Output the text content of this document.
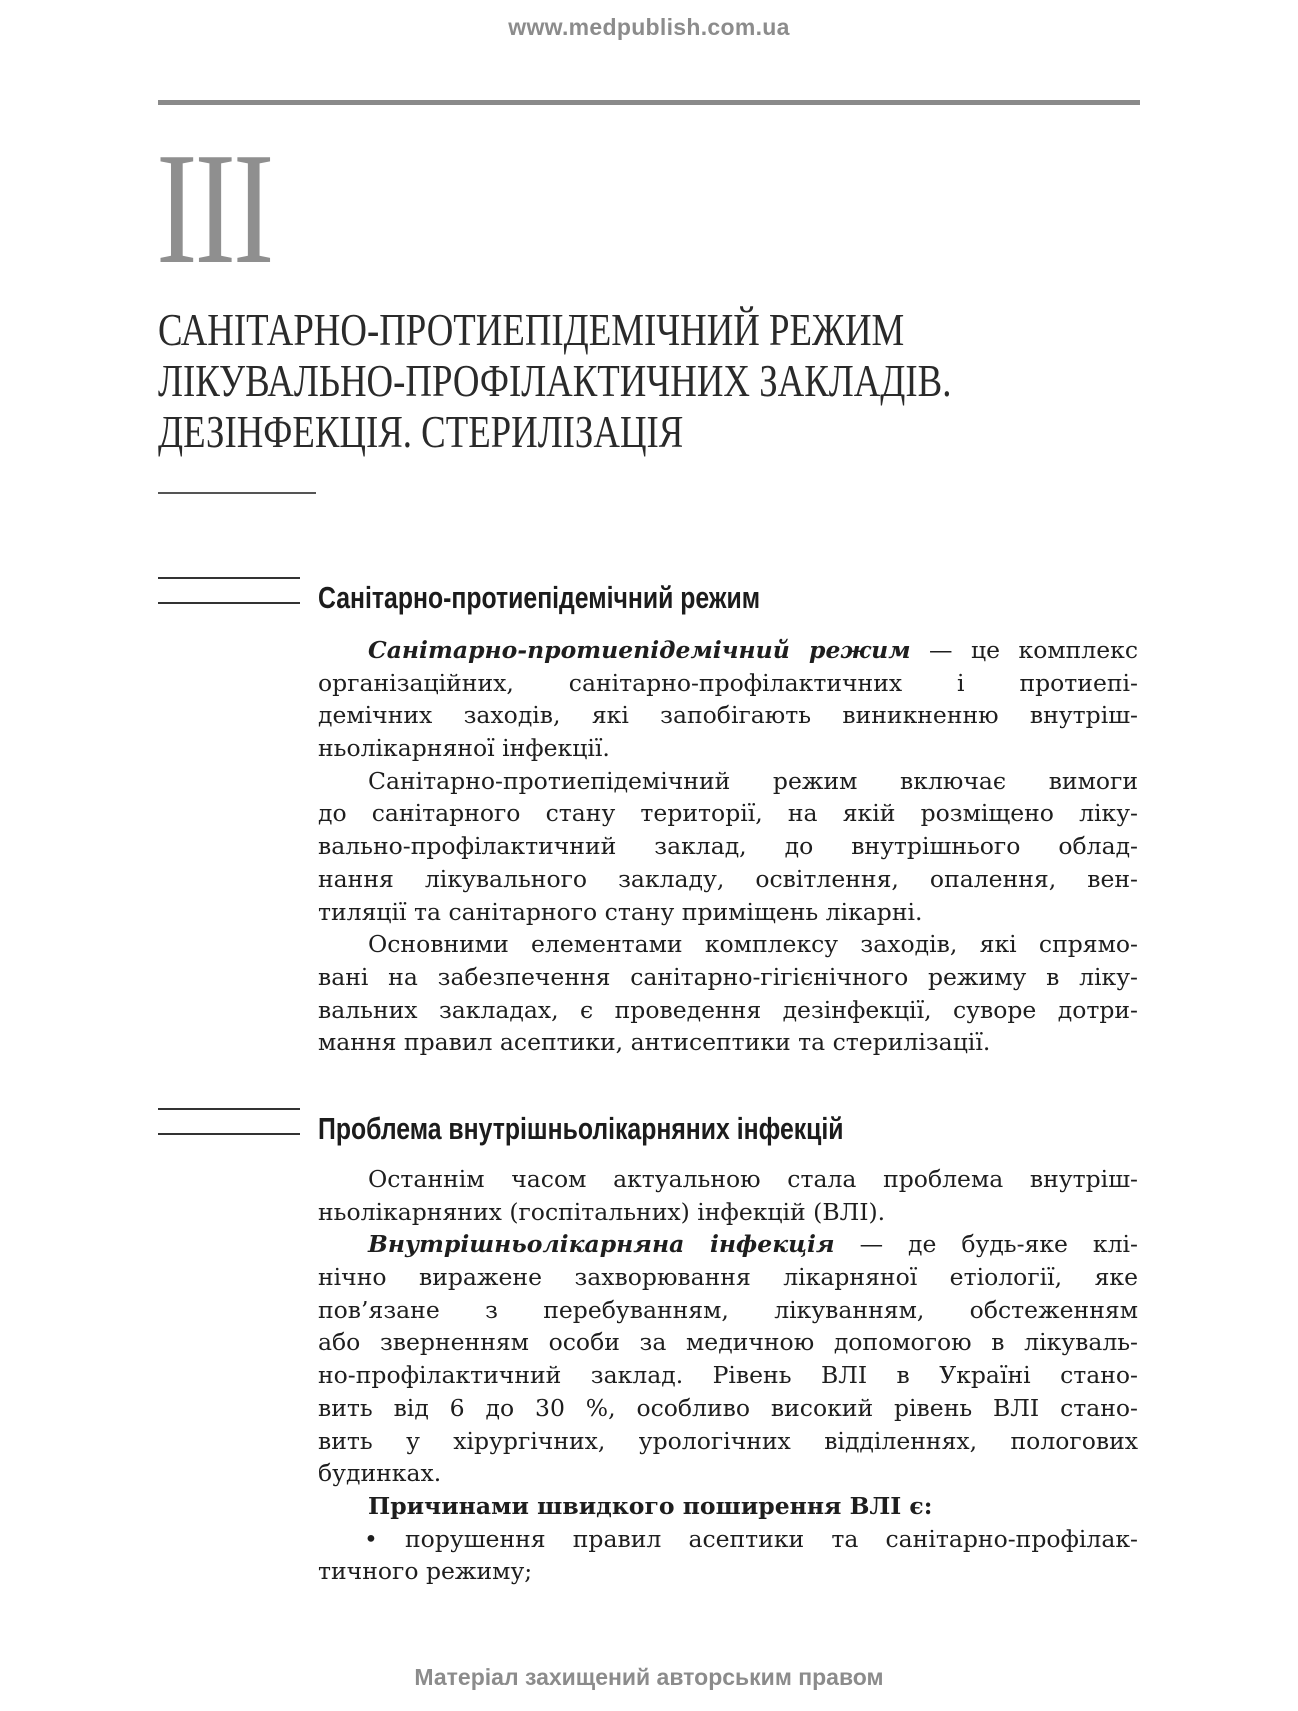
www.medpublish.com.ua
III
САНІТАРНО-ПРОТИЕПІДЕМІЧНИЙ РЕЖИМ
ЛІКУВАЛЬНО-ПРОФІЛАКТИЧНИХ ЗАКЛАДІВ.
ДЕЗІНФЕКЦІЯ. СТЕРИЛІЗАЦІЯ
Санітарно-протиепідемічний режим
Санітарно-протиепідемічний режим — це комплекс
організаційних, санітарно-профілактичних і протиепі-
демічних заходів, які запобігають виникненню внутріш-
ньолікарняної інфекції.
Санітарно-протиепідемічний режим включає вимоги
до санітарного стану території, на якій розміщено ліку-
вально-профілактичний заклад, до внутрішнього облад-
нання лікувального закладу, освітлення, опалення, вен-
тиляції та санітарного стану приміщень лікарні.
Основними елементами комплексу заходів, які спрямо-
вані на забезпечення санітарно-гігієнічного режиму в ліку-
вальних закладах, є проведення дезінфекції, суворе дотри-
мання правил асептики, антисептики та стерилізації.
Проблема внутрішньолікарняних інфекцій
Останнім часом актуальною стала проблема внутріш-
ньолікарняних (госпітальних) інфекцій (ВЛІ).
Внутрішньолікарняна інфекція — де будь-яке клі-
нічно виражене захворювання лікарняної етіології, яке
пов’язане з перебуванням, лікуванням, обстеженням
або зверненням особи за медичною допомогою в лікуваль-
но-профілактичний заклад. Рівень ВЛІ в Україні стано-
вить від 6 до 30 %, особливо високий рівень ВЛІ стано-
вить у хірургічних, урологічних відділеннях, пологових
будинках.
Причинами швидкого поширення ВЛІ є:
• порушення правил асептики та санітарно-профілак-
тичного режиму;
Матеріал захищений авторським правом
